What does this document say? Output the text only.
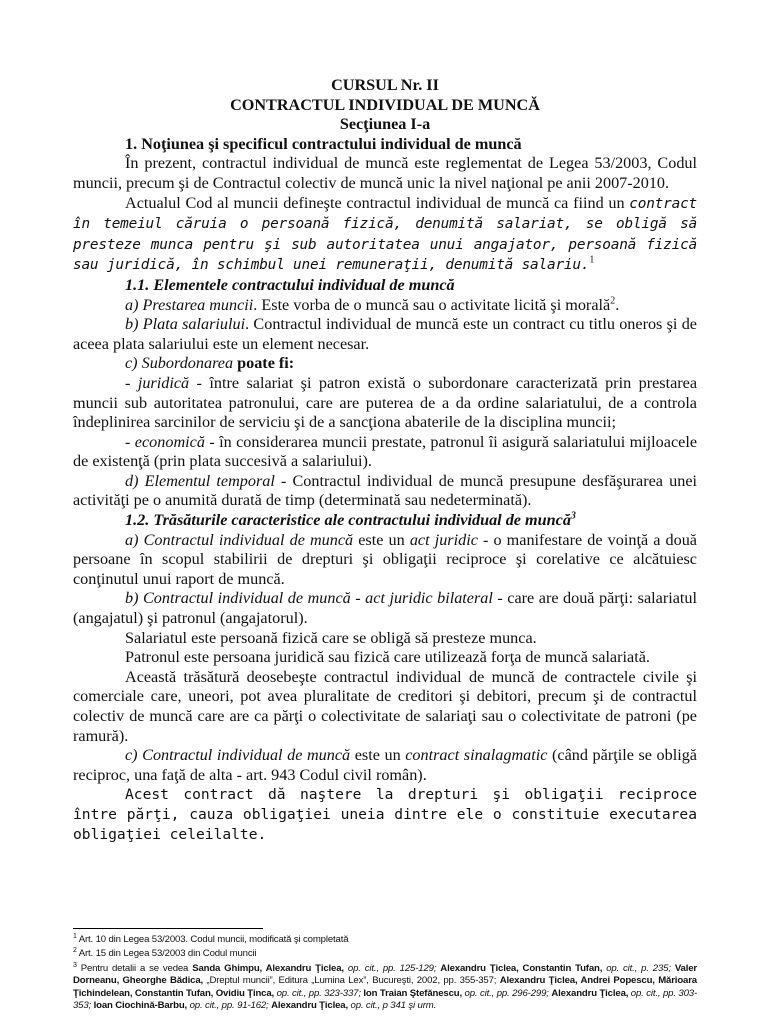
CURSUL Nr. II
CONTRACTUL INDIVIDUAL DE MUNCĂ
Secţiunea I-a
1. Noţiunea şi specificul contractului individual de muncă

În prezent, contractul individual de muncă este reglementat de Legea 53/2003, Codul muncii, precum şi de Contractul colectiv de muncă unic la nivel naţional pe anii 2007-2010.

Actualul Cod al muncii defineşte contractul individual de muncă ca fiind un contract în temeiul căruia o persoană fizică, denumită salariat, se obligă să presteze munca pentru şi sub autoritatea unui angajator, persoană fizică sau juridică, în schimbul unei remuneraţii, denumită salariu.$^1$

1.1. Elementele contractului individual de muncă

a) Prestarea muncii. Este vorba de o muncă sau o activitate licită şi morală$^2$.

b) Plata salariului. Contractul individual de muncă este un contract cu titlu oneros şi de aceea plata salariului este un element necesar.

c) Subordonarea poate fi:

- juridică - între salariat şi patron există o subordonare caracterizată prin prestarea muncii sub autoritatea patronului, care are puterea de a da ordine salariatului, de a controla îndeplinirea sarcinilor de serviciu şi de a sancţiona abaterile de la disciplina muncii;

- economică - în considerarea muncii prestate, patronul îi asigură salariatului mijloacele de existenţă (prin plata succesivă a salariului).

d) Elementul temporal - Contractul individual de muncă presupune desfăşurarea unei activităţi pe o anumită durată de timp (determinată sau nedeterminată).

1.2. Trăsăturile caracteristice ale contractului individual de muncă$^3$

a) Contractul individual de muncă este un act juridic - o manifestare de voinţă a două persoane în scopul stabilirii de drepturi şi obligaţii reciproce şi corelative ce alcătuiesc conţinutul unui raport de muncă.

b) Contractul individual de muncă - act juridic bilateral - care are două părţi: salariatul (angajatul) şi patronul (angajatorul).

Salariatul este persoană fizică care se obligă să presteze munca.

Patronul este persoana juridică sau fizică care utilizează forţa de muncă salariată.

Această trăsătură deosebeşte contractul individual de muncă de contractele civile şi comerciale care, uneori, pot avea pluralitate de creditori şi debitori, precum şi de contractul colectiv de muncă care are ca părţi o colectivitate de salariaţi sau o colectivitate de patroni (pe ramură).

c) Contractul individual de muncă este un contract sinalagmatic (când părţile se obligă reciproc, una faţă de alta - art. 943 Codul civil român).

Acest contract dă naştere la drepturi şi obligaţii reciproce între părţi, cauza obligaţiei uneia dintre ele o constituie executarea obligaţiei celeilalte.

$^1$ Art. 10 din Legea 53/2003. Codul muncii, modificată şi completată
$^2$ Art. 15 din Legea 53/2003 din Codul muncii
$^3$ Pentru detalii a se vedea Sanda Ghimpu, Alexandru Ţiclea, op. cit., pp. 125-129; Alexandru Ţiclea, Constantin Tufan, op. cit., p. 235; Valer Dorneanu, Gheorghe Bădica, „Dreptul muncii”, Editura „Lumina Lex”, Bucureşti, 2002, pp. 355-357; Alexandru Ţiclea, Andrei Popescu, Mărioara Ţichindelean, Constantin Tufan, Ovidiu Ţinca, op. cit., pp. 323-337; Ion Traian Ştefănescu, op. cit., pp. 296-299; Alexandru Ţiclea, op. cit., pp. 303-353; Ioan Ciochină-Barbu, op. cit., pp. 91-162; Alexandru Ţiclea, op. cit., p 341 şi urm.
